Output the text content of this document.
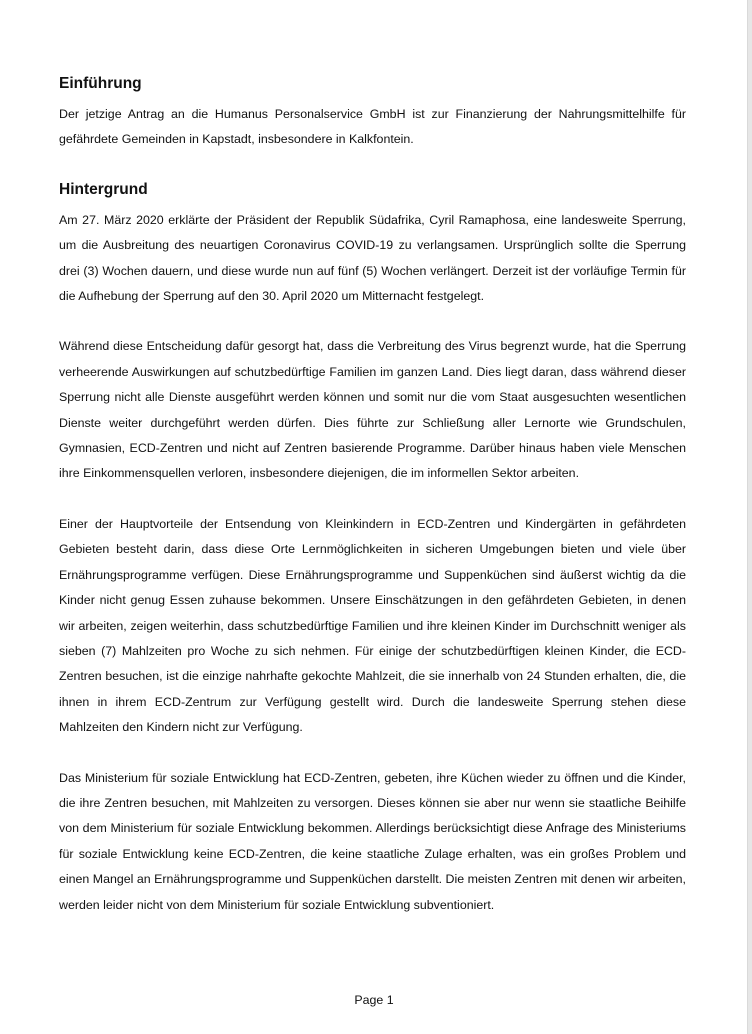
Einführung

Der jetzige Antrag an die Humanus Personalservice GmbH ist zur Finanzierung der Nahrungsmittelhilfe für gefährdete Gemeinden in Kapstadt, insbesondere in Kalkfontein.

Hintergrund

Am 27. März 2020 erklärte der Präsident der Republik Südafrika, Cyril Ramaphosa, eine landesweite Sperrung, um die Ausbreitung des neuartigen Coronavirus COVID-19 zu verlangsamen. Ursprünglich sollte die Sperrung drei (3) Wochen dauern, und diese wurde nun auf fünf (5) Wochen verlängert. Derzeit ist der vorläufige Termin für die Aufhebung der Sperrung auf den 30. April 2020 um Mitternacht festgelegt.

Während diese Entscheidung dafür gesorgt hat, dass die Verbreitung des Virus begrenzt wurde, hat die Sperrung verheerende Auswirkungen auf schutzbedürftige Familien im ganzen Land. Dies liegt daran, dass während dieser Sperrung nicht alle Dienste ausgeführt werden können und somit nur die vom Staat ausgesuchten wesentlichen Dienste weiter durchgeführt werden dürfen. Dies führte zur Schließung aller Lernorte wie Grundschulen, Gymnasien, ECD-Zentren und nicht auf Zentren basierende Programme. Darüber hinaus haben viele Menschen ihre Einkommensquellen verloren, insbesondere diejenigen, die im informellen Sektor arbeiten.

Einer der Hauptvorteile der Entsendung von Kleinkindern in ECD-Zentren und Kindergärten in gefährdeten Gebieten besteht darin, dass diese Orte Lernmöglichkeiten in sicheren Umgebungen bieten und viele über Ernährungsprogramme verfügen. Diese Ernährungsprogramme und Suppenküchen sind äußerst wichtig da die Kinder nicht genug Essen zuhause bekommen. Unsere Einschätzungen in den gefährdeten Gebieten, in denen wir arbeiten, zeigen weiterhin, dass schutzbedürftige Familien und ihre kleinen Kinder im Durchschnitt weniger als sieben (7) Mahlzeiten pro Woche zu sich nehmen. Für einige der schutzbedürftigen kleinen Kinder, die ECD-Zentren besuchen, ist die einzige nahrhafte gekochte Mahlzeit, die sie innerhalb von 24 Stunden erhalten, die, die ihnen in ihrem ECD-Zentrum zur Verfügung gestellt wird. Durch die landesweite Sperrung stehen diese Mahlzeiten den Kindern nicht zur Verfügung.

Das Ministerium für soziale Entwicklung hat ECD-Zentren, gebeten, ihre Küchen wieder zu öffnen und die Kinder, die ihre Zentren besuchen, mit Mahlzeiten zu versorgen. Dieses können sie aber nur wenn sie staatliche Beihilfe von dem Ministerium für soziale Entwicklung bekommen. Allerdings berücksichtigt diese Anfrage des Ministeriums für soziale Entwicklung keine ECD-Zentren, die keine staatliche Zulage erhalten, was ein großes Problem und einen Mangel an Ernährungsprogramme und Suppenküchen darstellt. Die meisten Zentren mit denen wir arbeiten, werden leider nicht von dem Ministerium für soziale Entwicklung subventioniert.

Page 1
